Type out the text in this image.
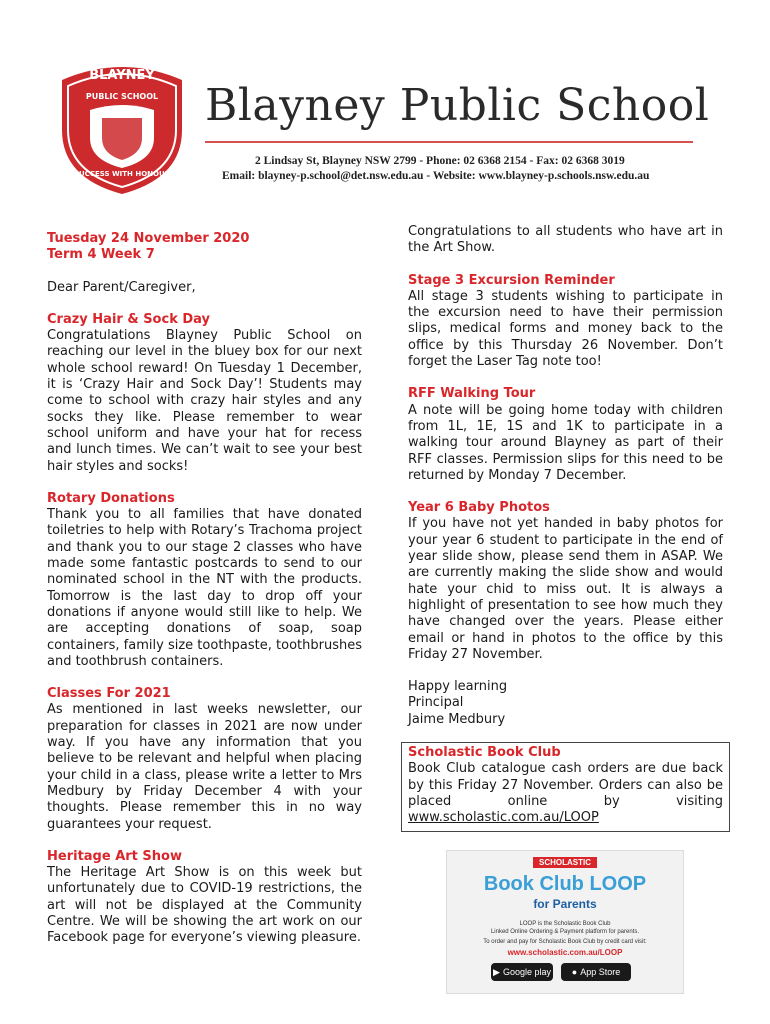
BLAYNEY
PUBLIC SCHOOL
SUCCESS WITH HONOUR
Blayney Public School
2 Lindsay St, Blayney NSW 2799 - Phone: 02 6368 2154 - Fax: 02 6368 3019
Email: blayney-p.school@det.nsw.edu.au - Website: www.blayney-p.schools.nsw.edu.au

Tuesday 24 November 2020

Term 4 Week 7

Dear Parent/Caregiver,

Crazy Hair & Sock Day

Congratulations Blayney Public School on reaching our level in the bluey box for our next whole school reward! On Tuesday 1 December, it is ‘Crazy Hair and Sock Day’! Students may come to school with crazy hair styles and any socks they like. Please remember to wear school uniform and have your hat for recess and lunch times. We can’t wait to see your best hair styles and socks!

Rotary Donations

Thank you to all families that have donated toiletries to help with Rotary’s Trachoma project and thank you to our stage 2 classes who have made some fantastic postcards to send to our nominated school in the NT with the products. Tomorrow is the last day to drop off your donations if anyone would still like to help. We are accepting donations of soap, soap containers, family size toothpaste, toothbrushes and toothbrush containers.

Classes For 2021

As mentioned in last weeks newsletter, our preparation for classes in 2021 are now under way. If you have any information that you believe to be relevant and helpful when placing your child in a class, please write a letter to Mrs Medbury by Friday December 4 with your thoughts. Please remember this in no way guarantees your request.

Heritage Art Show

The Heritage Art Show is on this week but unfortunately due to COVID-19 restrictions, the art will not be displayed at the Community Centre. We will be showing the art work on our Facebook page for everyone’s viewing pleasure.

Congratulations to all students who have art in the Art Show.

Stage 3 Excursion Reminder

All stage 3 students wishing to participate in the excursion need to have their permission slips, medical forms and money back to the office by this Thursday 26 November. Don’t forget the Laser Tag note too!

RFF Walking Tour

A note will be going home today with children from 1L, 1E, 1S and 1K to participate in a walking tour around Blayney as part of their RFF classes. Permission slips for this need to be returned by Monday 7 December.

Year 6 Baby Photos

If you have not yet handed in baby photos for your year 6 student to participate in the end of year slide show, please send them in ASAP. We are currently making the slide show and would hate your chid to miss out. It is always a highlight of presentation to see how much they have changed over the years. Please either email or hand in photos to the office by this Friday 27 November.

Happy learning

Principal

Jaime Medbury

Scholastic Book Club

Book Club catalogue cash orders are due back by this Friday 27 November. Orders can also be placed online by visiting www.scholastic.com.au/LOOP

SCHOLASTIC
Book Club LOOP
for Parents
LOOP is the Scholastic Book Club
Linked Online Ordering & Payment platform for parents.
To order and pay for Scholastic Book Club by credit card visit:
www.scholastic.com.au/LOOP
▶ Google play ● App Store
